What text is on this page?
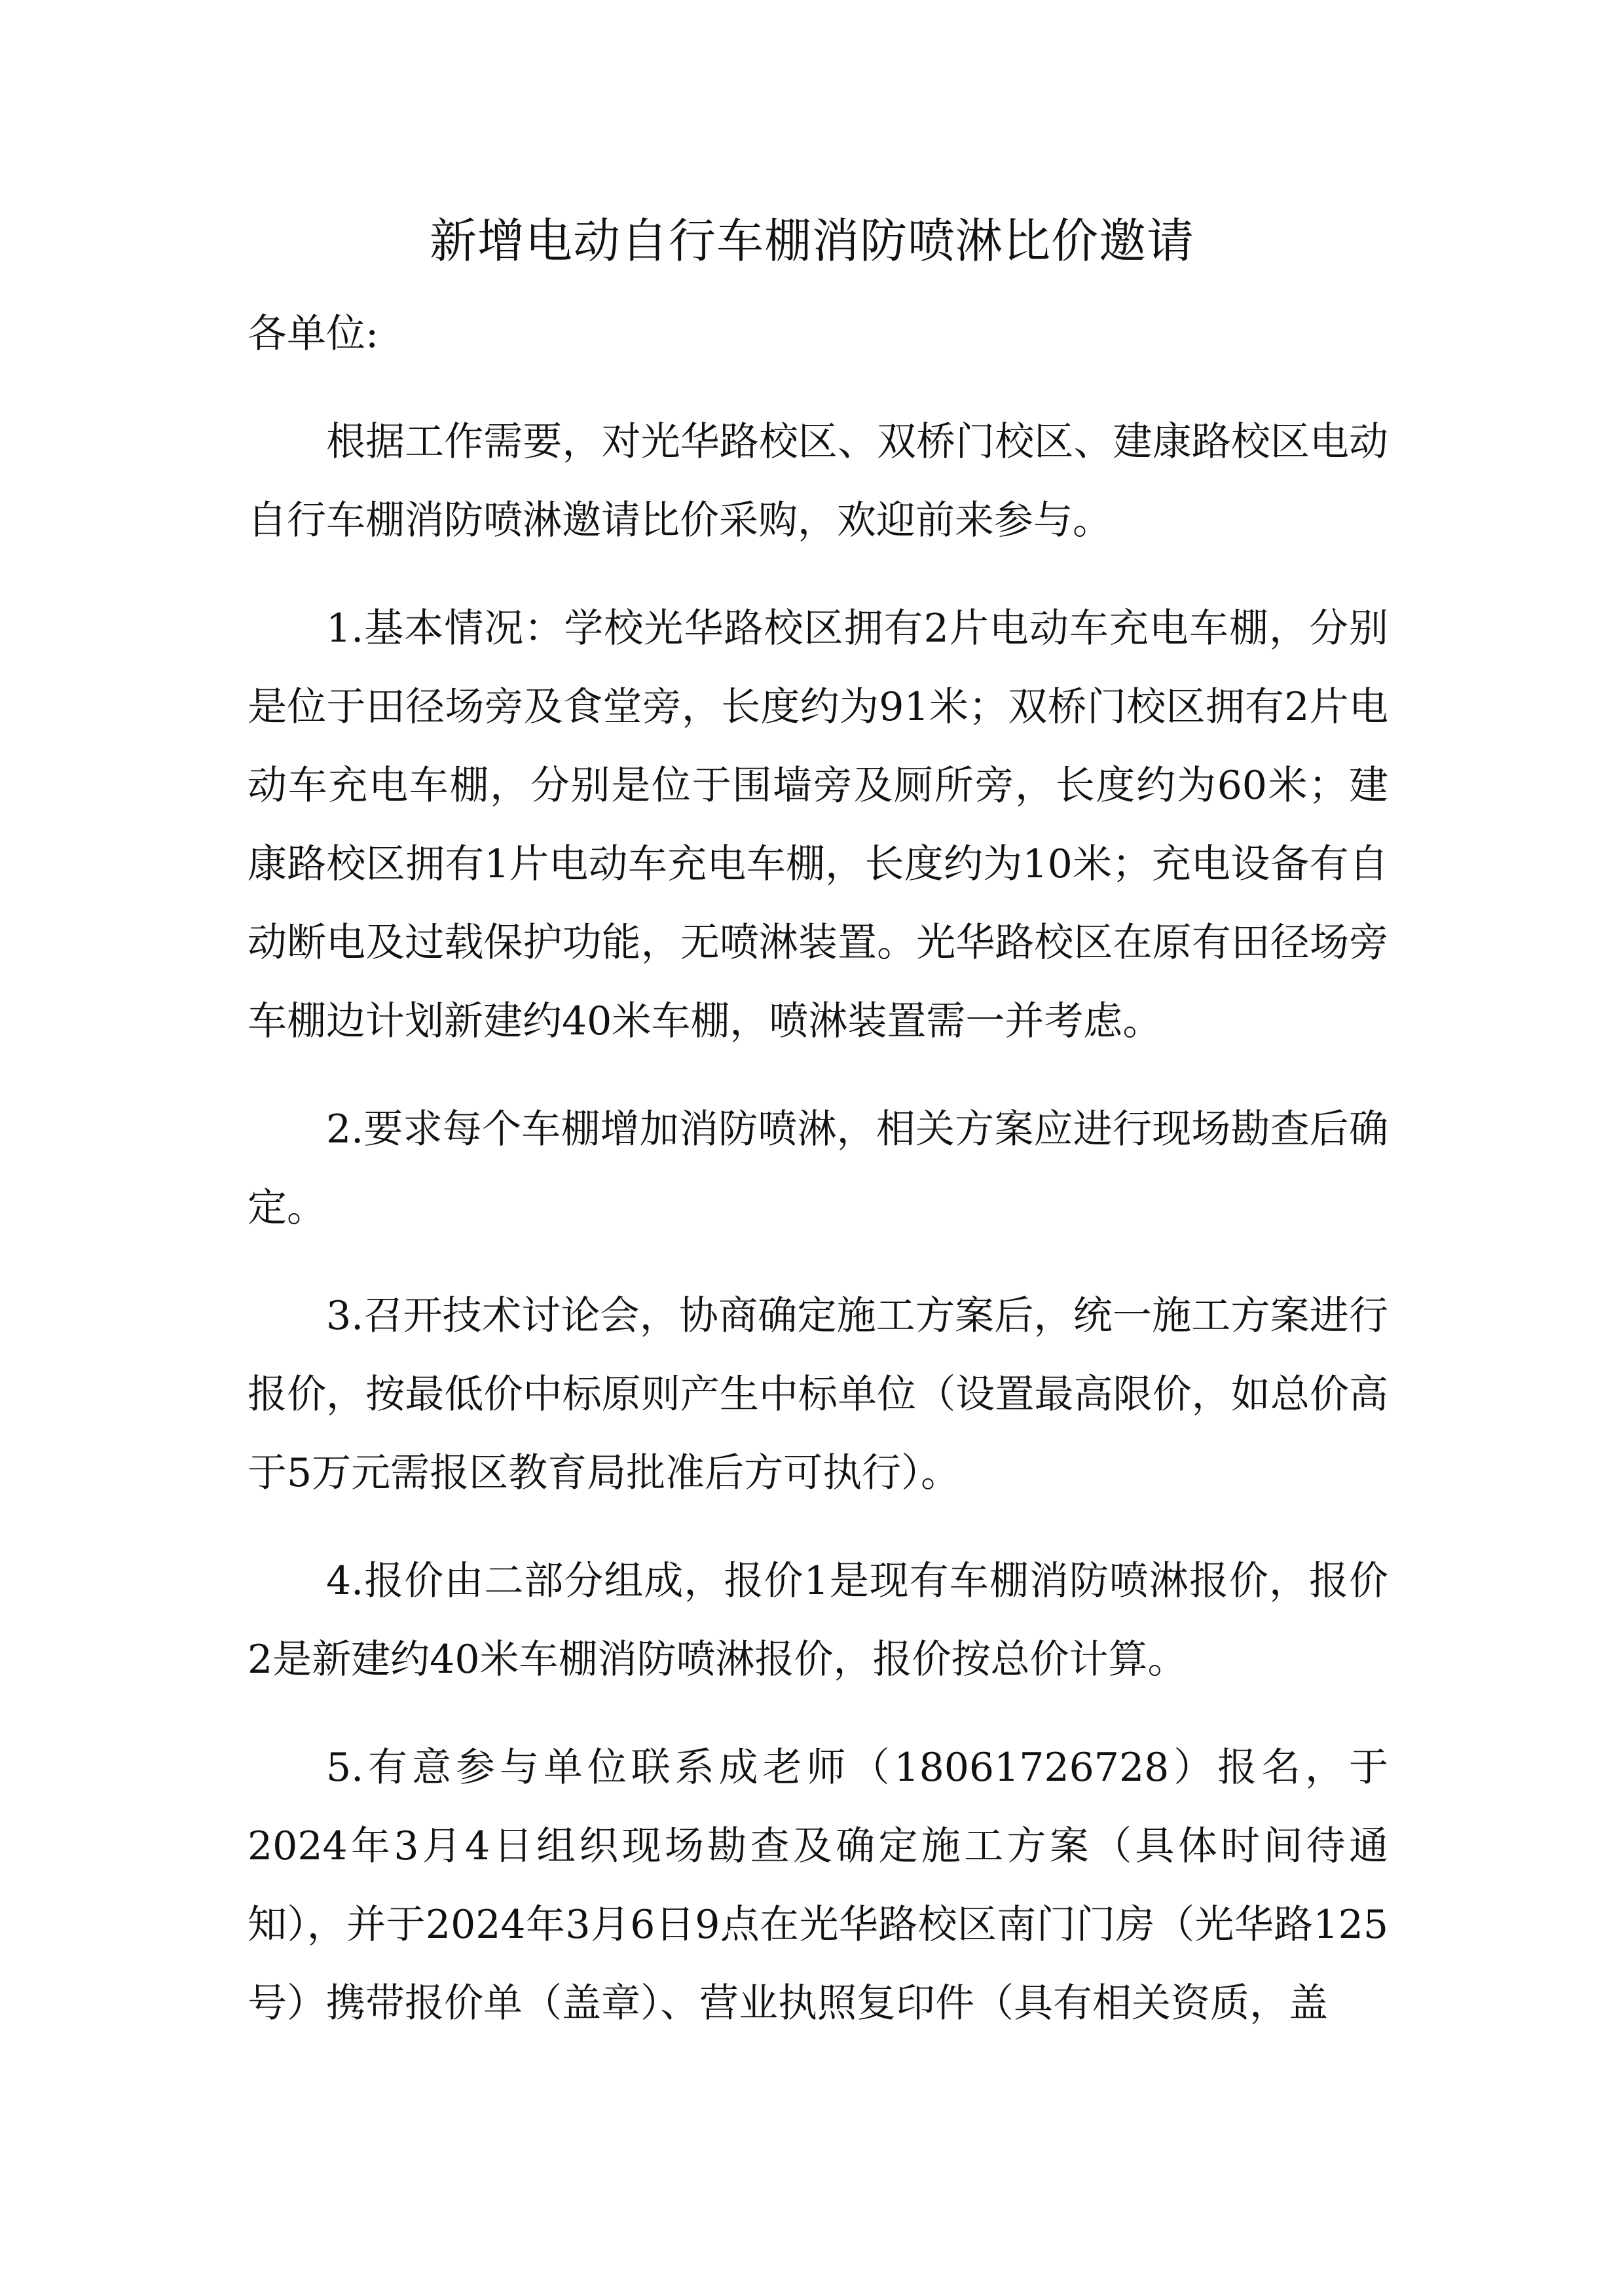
新增电动自行车棚消防喷淋比价邀请

各单位:

根据工作需要，对光华路校区、双桥门校区、建康路校区电动自行车棚消防喷淋邀请比价采购，欢迎前来参与。

1.基本情况：学校光华路校区拥有2片电动车充电车棚，分别是位于田径场旁及食堂旁，长度约为91米；双桥门校区拥有2片电动车充电车棚，分别是位于围墙旁及厕所旁，长度约为60米；建康路校区拥有1片电动车充电车棚，长度约为10米；充电设备有自动断电及过载保护功能，无喷淋装置。光华路校区在原有田径场旁车棚边计划新建约40米车棚，喷淋装置需一并考虑。

2.要求每个车棚增加消防喷淋，相关方案应进行现场勘查后确定。

3.召开技术讨论会，协商确定施工方案后，统一施工方案进行报价，按最低价中标原则产生中标单位（设置最高限价，如总价高于5万元需报区教育局批准后方可执行）。

4.报价由二部分组成，报价1是现有车棚消防喷淋报价，报价2是新建约40米车棚消防喷淋报价，报价按总价计算。

5.有意参与单位联系成老师（18061726728）报名，于2024年3月4日组织现场勘查及确定施工方案（具体时间待通知），并于2024年3月6日9点在光华路校区南门门房（光华路125号）携带报价单（盖章）、营业执照复印件（具有相关资质，盖
